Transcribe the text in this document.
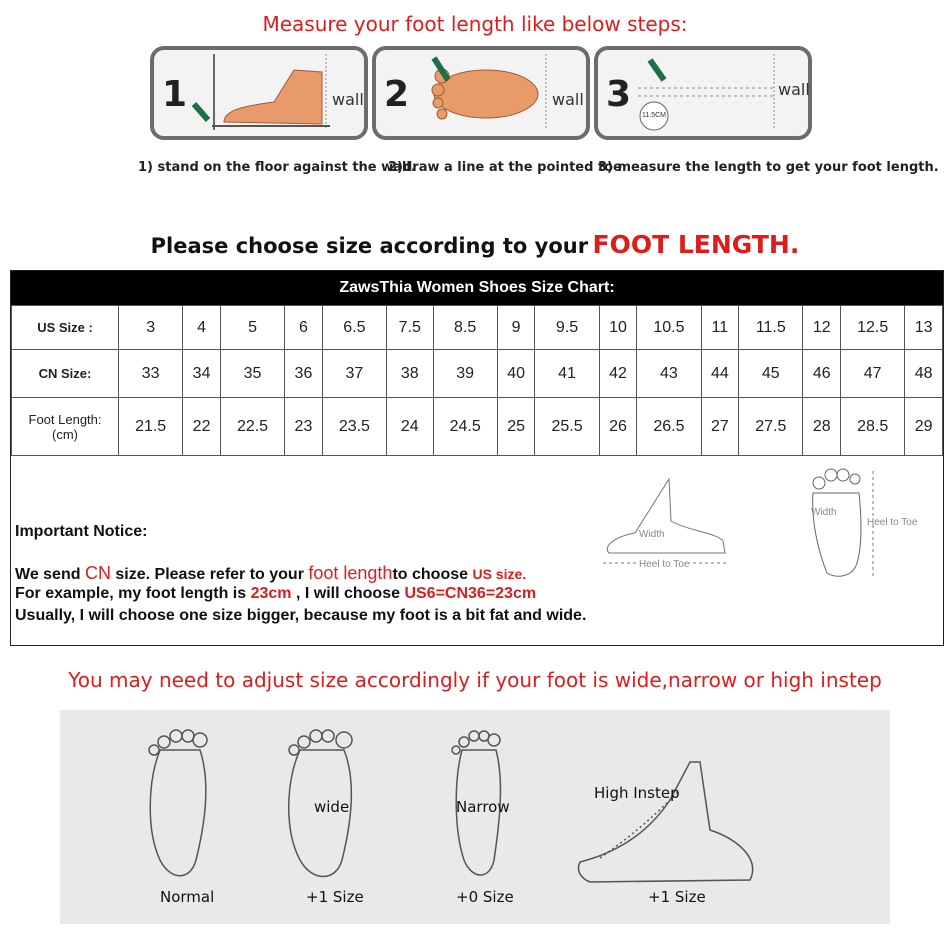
Measure your foot length like below steps:
1	wall 2	wall 3
11.5CM
wall
1) stand on the floor against the wall.
2)draw a line at the pointed toe
3) measure the length to get your foot length.
Please choose size according to your FOOT LENGTH.
ZawsThia Women Shoes Size Chart:
US Size :	3	4	5	6	6.5	7.5	8.5	9	9.5	10	10.5	11	11.5	12	12.5	13
CN Size:	33	34	35	36	37	38	39	40	41	42	43	44	45	46	47	48

Foot Length:
(cm)	21.5	22	22.5	23	23.5	24	24.5	25	25.5	26	26.5	27	27.5	28	28.5	29
Important Notice:
We send CN size. Please refer to your foot lengthto choose US size.
For example, my foot length is 23cm , I will choose US6=CN36=23cm
Usually, I will choose one size bigger, because my foot is a bit fat and wide.
Width
Heel to Toe
Width
Heel to Toe
You may need to adjust size accordingly if your foot is wide,narrow or high instep
Normal
wide
+1 Size
Narrow
+0 Size
High Instep
+1 Size
